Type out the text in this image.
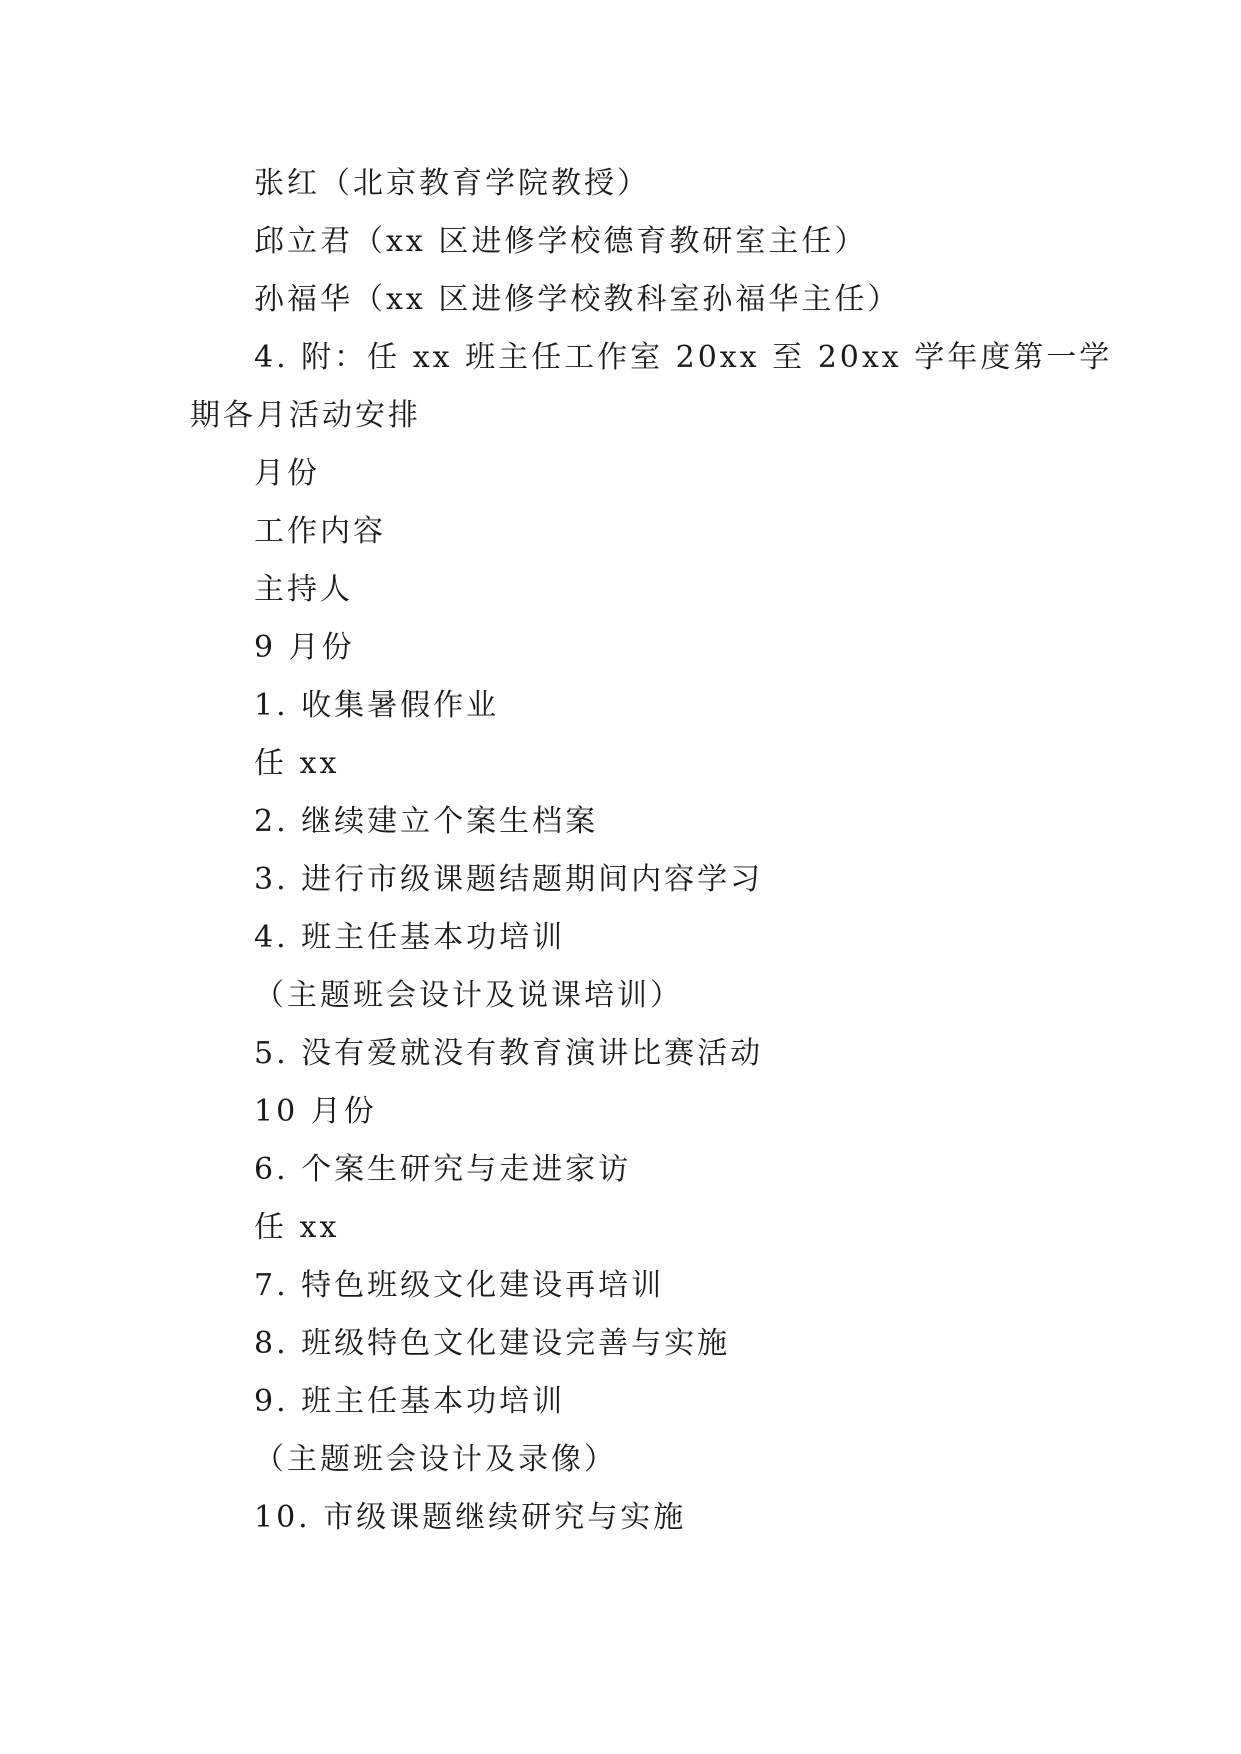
张红（北京教育学院教授）
邱立君（xx 区进修学校德育教研室主任）
孙福华（xx 区进修学校教科室孙福华主任）
4. 附：任 xx 班主任工作室 20xx 至 20xx 学年度第一学
期各月活动安排
月份
工作内容
主持人
9 月份
1. 收集暑假作业
任 xx
2. 继续建立个案生档案
3. 进行市级课题结题期间内容学习
4. 班主任基本功培训
（主题班会设计及说课培训）
5. 没有爱就没有教育演讲比赛活动
10 月份
6. 个案生研究与走进家访
任 xx
7. 特色班级文化建设再培训
8. 班级特色文化建设完善与实施
9. 班主任基本功培训
（主题班会设计及录像）
10. 市级课题继续研究与实施
